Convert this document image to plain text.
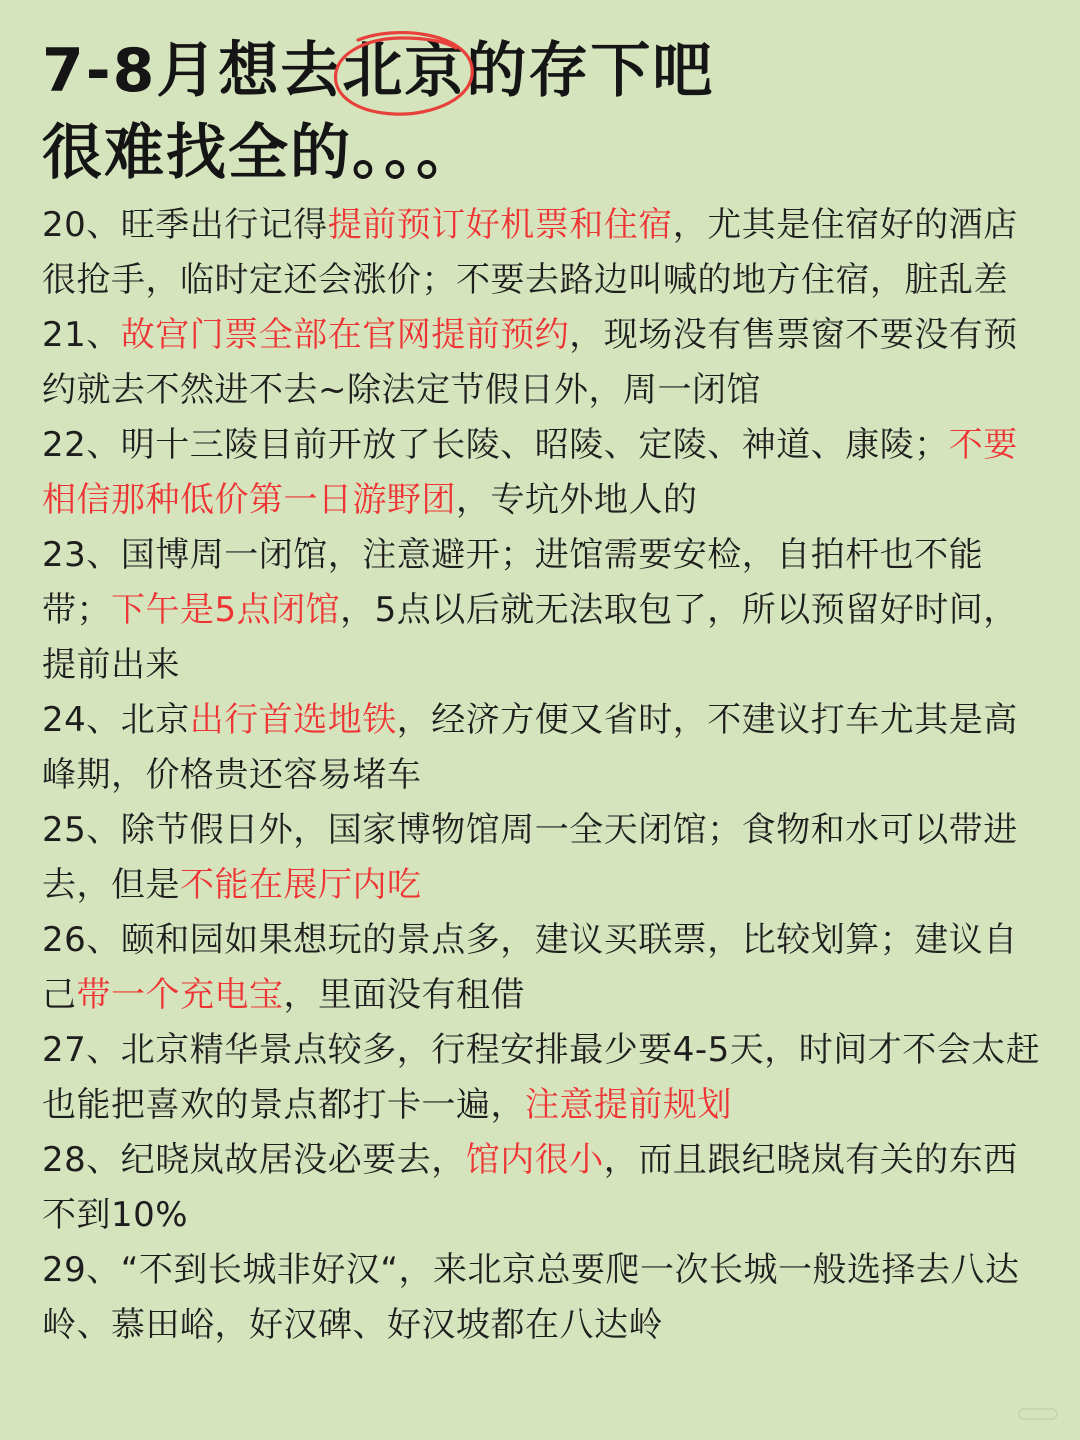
7-8月想去北京
的存下吧
很难找全的。。。
20、旺季出行记得提前预订好机票和住宿，尤其是住宿好的酒店很抢手，临时定还会涨价；不要去路边叫喊的地方住宿，脏乱差
21、故宫门票全部在官网提前预约，现场没有售票窗不要没有预约就去不然进不去~除法定节假日外，周一闭馆
22、明十三陵目前开放了长陵、昭陵、定陵、神道、康陵；不要相信那种低价第一日游野团，专坑外地人的
23、国博周一闭馆，注意避开；进馆需要安检，自拍杆也不能带；下午是5点闭馆，5点以后就无法取包了，所以预留好时间，提前出来
24、北京出行首选地铁，经济方便又省时，不建议打车尤其是高峰期，价格贵还容易堵车
25、除节假日外，国家博物馆周一全天闭馆；食物和水可以带进去，但是不能在展厅内吃
26、颐和园如果想玩的景点多，建议买联票，比较划算；建议自己带一个充电宝，里面没有租借
27、北京精华景点较多，行程安排最少要4-5天，时间才不会太赶也能把喜欢的景点都打卡一遍，注意提前规划
28、纪晓岚故居没必要去，馆内很小，而且跟纪晓岚有关的东西不到10%
29、“不到长城非好汉“，来北京总要爬一次长城一般选择去八达岭、慕田峪，好汉碑、好汉坡都在八达岭
